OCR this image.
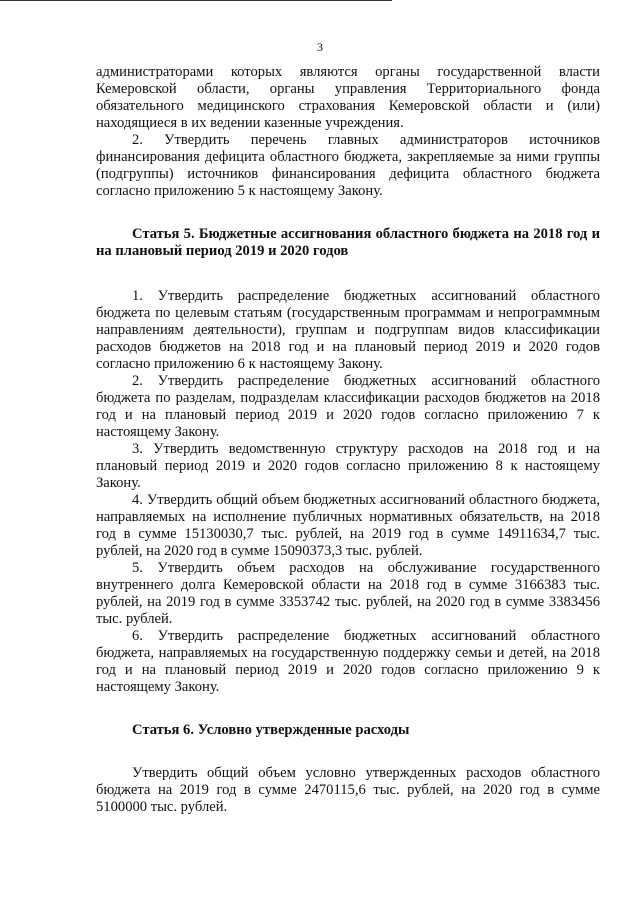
3

администраторами которых являются органы государственной власти Кемеровской области, органы управления Территориального фонда обязательного медицинского страхования Кемеровской области и (или) находящиеся в их ведении казенные учреждения.

2. Утвердить перечень главных администраторов источников финансирования дефицита областного бюджета, закрепляемые за ними группы (подгруппы) источников финансирования дефицита областного бюджета согласно приложению 5 к настоящему Закону.

Статья 5. Бюджетные ассигнования областного бюджета на 2018 год и на плановый период 2019 и 2020 годов

1. Утвердить распределение бюджетных ассигнований областного бюджета по целевым статьям (государственным программам и непрограммным направлениям деятельности), группам и подгруппам видов классификации расходов бюджетов на 2018 год и на плановый период 2019 и 2020 годов согласно приложению 6 к настоящему Закону.

2. Утвердить распределение бюджетных ассигнований областного бюджета по разделам, подразделам классификации расходов бюджетов на 2018 год и на плановый период 2019 и 2020 годов согласно приложению 7 к настоящему Закону.

3. Утвердить ведомственную структуру расходов на 2018 год и на плановый период 2019 и 2020 годов согласно приложению 8 к настоящему Закону.

4. Утвердить общий объем бюджетных ассигнований областного бюджета, направляемых на исполнение публичных нормативных обязательств, на 2018 год в сумме 15130030,7 тыс. рублей, на 2019 год в сумме 14911634,7 тыс. рублей, на 2020 год в сумме 15090373,3 тыс. рублей.

5. Утвердить объем расходов на обслуживание государственного внутреннего долга Кемеровской области на 2018 год в сумме 3166383 тыс. рублей, на 2019 год в сумме 3353742 тыс. рублей, на 2020 год в сумме 3383456 тыс. рублей.

6. Утвердить распределение бюджетных ассигнований областного бюджета, направляемых на государственную поддержку семьи и детей, на 2018 год и на плановый период 2019 и 2020 годов согласно приложению 9 к настоящему Закону.

Статья 6. Условно утвержденные расходы

Утвердить общий объем условно утвержденных расходов областного бюджета на 2019 год в сумме 2470115,6 тыс. рублей, на 2020 год в сумме 5100000 тыс. рублей.
